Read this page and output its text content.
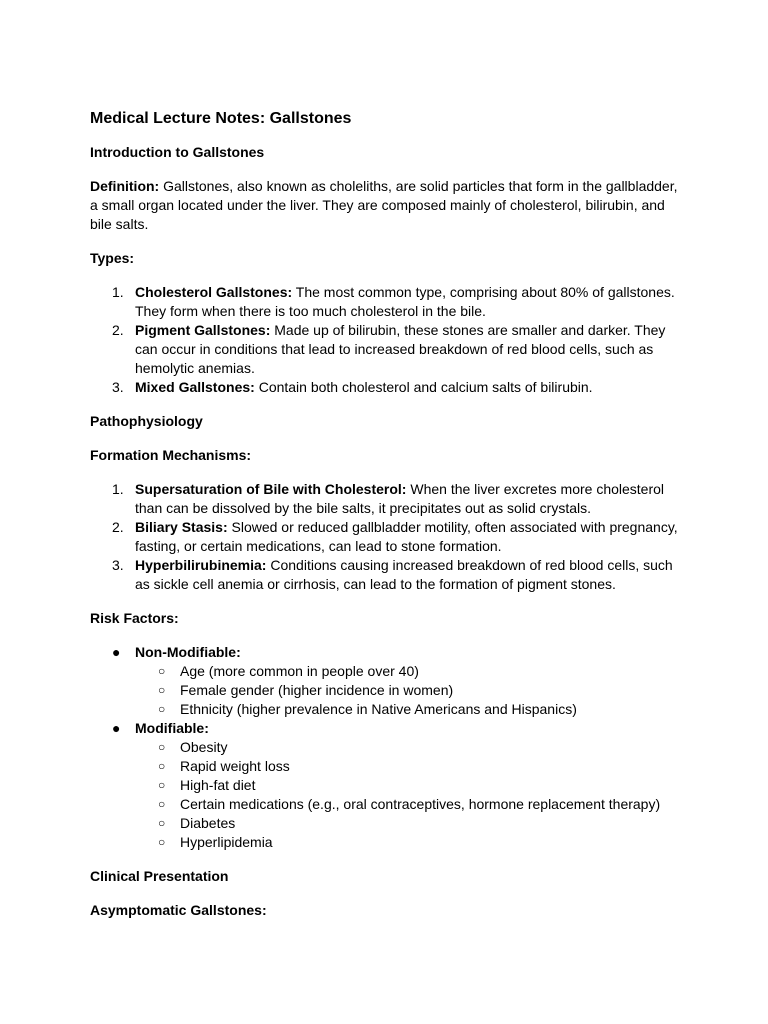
Medical Lecture Notes: Gallstones
Introduction to Gallstones
Definition: Gallstones, also known as choleliths, are solid particles that form in the gallbladder, a small organ located under the liver. They are composed mainly of cholesterol, bilirubin, and bile salts.
Types:
1. Cholesterol Gallstones: The most common type, comprising about 80% of gallstones. They form when there is too much cholesterol in the bile.
2. Pigment Gallstones: Made up of bilirubin, these stones are smaller and darker. They can occur in conditions that lead to increased breakdown of red blood cells, such as hemolytic anemias.
3. Mixed Gallstones: Contain both cholesterol and calcium salts of bilirubin.
Pathophysiology
Formation Mechanisms:
1. Supersaturation of Bile with Cholesterol: When the liver excretes more cholesterol than can be dissolved by the bile salts, it precipitates out as solid crystals.
2. Biliary Stasis: Slowed or reduced gallbladder motility, often associated with pregnancy, fasting, or certain medications, can lead to stone formation.
3. Hyperbilirubinemia: Conditions causing increased breakdown of red blood cells, such as sickle cell anemia or cirrhosis, can lead to the formation of pigment stones.
Risk Factors:
● Non-Modifiable:
○ Age (more common in people over 40)
○ Female gender (higher incidence in women)
○ Ethnicity (higher prevalence in Native Americans and Hispanics)
● Modifiable:
○ Obesity
○ Rapid weight loss
○ High-fat diet
○ Certain medications (e.g., oral contraceptives, hormone replacement therapy)
○ Diabetes
○ Hyperlipidemia
Clinical Presentation
Asymptomatic Gallstones:
